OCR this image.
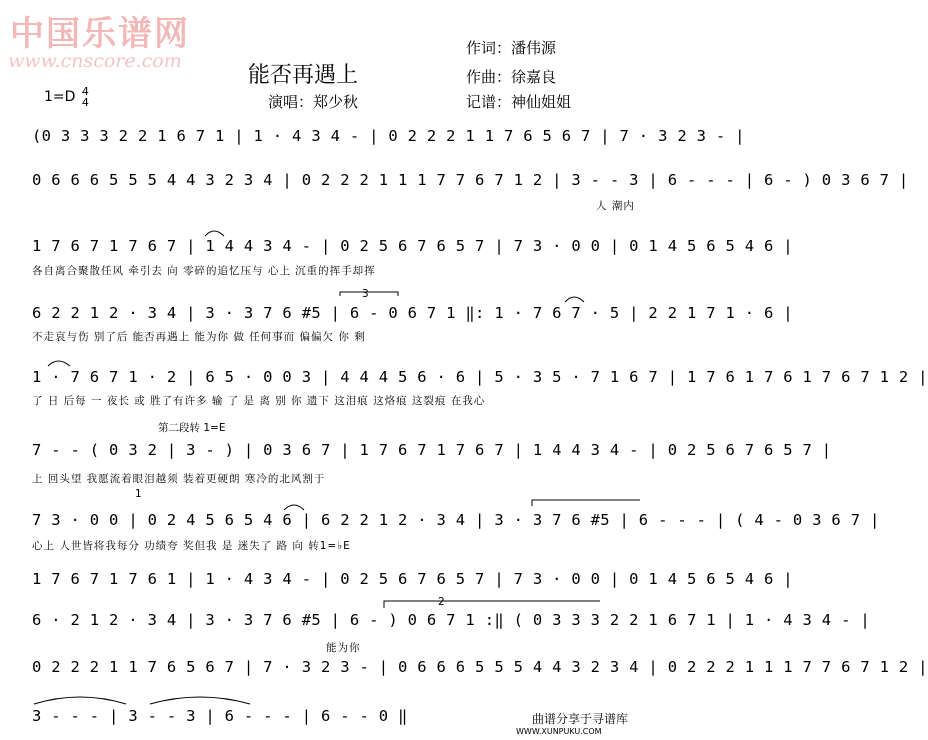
中国乐谱网
www.cnscore.com
能否再遇上
作词：潘伟源
作曲：徐嘉良
演唱：郑少秋	记谱：神仙姐姐
1=D 4
4
(0 3 3 3 2 2 1 6 7 1 | 1 · 4 3 4 - | 0 2 2 2 1 1 7 6 5 6 7 | 7 · 3 2 3 - |
0 6 6 6 5 5 5 4 4 3 2 3 4 | 0 2 2 2 1 1 1 7 7 6 7 1 2 | 3 - - 3 | 6 - - - | 6 - ) 0 3 6 7 |
人 潮内
1 7 6 7 1 7 6 7 | 1 4 4 3 4 - | 0 2 5 6 7 6 5 7 | 7 3 · 0 0 | 0 1 4 5 6 5 4 6 |
各自离合聚散任风 牵引去 向 零碎的追忆压与 心上 沉重的挥手却挥
3
6 2 2 1 2 · 3 4 | 3 · 3 7 6 #5 | 6 - 0 6 7 1 ‖: 1 · 7 6 7 · 5 | 2 2 1 7 1 · 6 |
不走哀与伤 别了后 能否再遇上 能为你 做 任何事而 偏偏欠 你 剩
1 · 7 6 7 1 · 2 | 6 5 · 0 0 3 | 4 4 4 5 6 · 6 | 5 · 3 5 · 7 1 6 7 | 1 7 6 1 7 6 1 7 6 7 1 2 |
了 日 后每 一 夜长 或 胜了有许多 输 了 是 离 别 你 遗下 这泪痕 这烙痕 这裂痕 在我心
第二段转 1=E
7 - - ( 0 3 2 | 3 - ) | 0 3 6 7 | 1 7 6 7 1 7 6 7 | 1 4 4 3 4 - | 0 2 5 6 7 6 5 7 |
上 回头望 我愿流着眼泪越须 装着更硬朗 寒冷的北风割于
1
7 3 · 0 0 | 0 2 4 5 6 5 4 6 | 6 2 2 1 2 · 3 4 | 3 · 3 7 6 #5 | 6 - - - | ( 4 - 0 3 6 7 |
心上 人世皆将我每分 功绩夸 奖但我 是 迷失了 路 向 转1=♭E
1 7 6 7 1 7 6 1 | 1 · 4 3 4 - | 0 2 5 6 7 6 5 7 | 7 3 · 0 0 | 0 1 4 5 6 5 4 6 |
2
6 · 2 1 2 · 3 4 | 3 · 3 7 6 #5 | 6 - ) 0 6 7 1 :‖ ( 0 3 3 3 2 2 1 6 7 1 | 1 · 4 3 4 - |
能为你
0 2 2 2 1 1 7 6 5 6 7 | 7 · 3 2 3 - | 0 6 6 6 5 5 5 4 4 3 2 3 4 | 0 2 2 2 1 1 1 7 7 6 7 1 2 |
3 - - - | 3 - - 3 | 6 - - - | 6 - - 0 ‖	曲谱分享于寻谱库
WWW.XUNPUKU.COM
